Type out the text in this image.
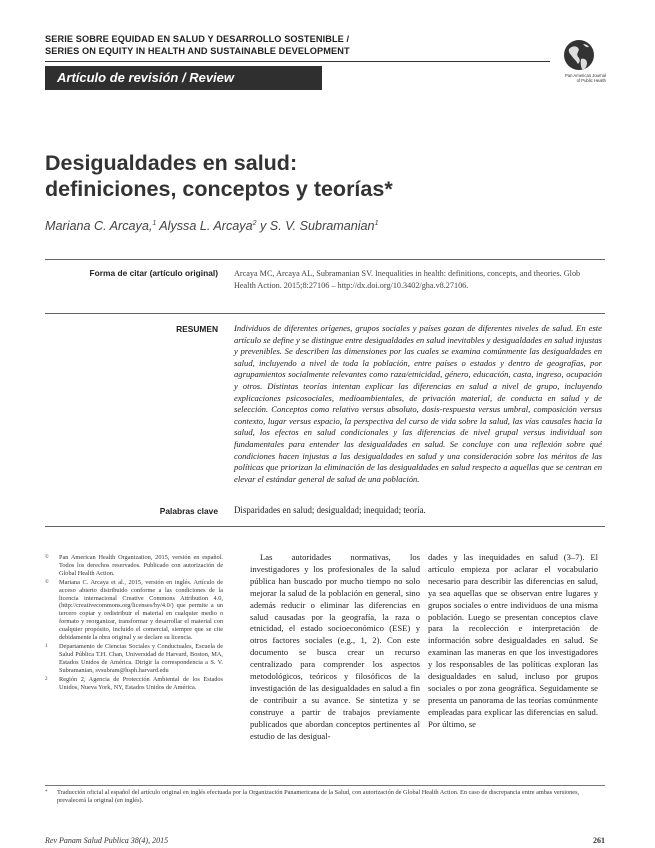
SERIE SOBRE EQUIDAD EN SALUD Y DESARROLLO SOSTENIBLE /
SERIES ON EQUITY IN HEALTH AND SUSTAINABLE DEVELOPMENT
Artículo de revisión / Review	Pan American Journal
of Public Health
Desigualdades en salud:
definiciones, conceptos y teorías*
Mariana C. Arcaya,$^1$ Alyssa L. Arcaya$^2$ y S. V. Subramanian$^1$
Forma de citar (artículo original) Arcaya MC, Arcaya AL, Subramanian SV. Inequalities in health: definitions, concepts, and theories. Glob Health Action. 2015;8:27106 – http://dx.doi.org/10.3402/gha.v8.27106.
RESUMEN Individuos de diferentes orígenes, grupos sociales y países gozan de diferentes niveles de salud. En este artículo se define y se distingue entre desigualdades en salud inevitables y desigualdades en salud injustas y prevenibles. Se describen las dimensiones por las cuales se examina comúnmente las desigualdades en salud, incluyendo a nivel de toda la población, entre países o estados y dentro de geografías, por agrupamientos socialmente relevantes como raza/etnicidad, género, educación, casta, ingreso, ocupación y otros. Distintas teorías intentan explicar las diferencias en salud a nivel de grupo, incluyendo explicaciones psicosociales, medioambientales, de privación material, de conducta en salud y de selección. Conceptos como relativo versus absoluto, dosis-respuesta versus umbral, composición versus contexto, lugar versus espacio, la perspectiva del curso de vida sobre la salud, las vías causales hacia la salud, los efectos en salud condicionales y las diferencias de nivel grupal versus individual son fundamentales para entender las desigualdades en salud. Se concluye con una reflexión sobre qué condiciones hacen injustas a las desigualdades en salud y una consideración sobre los méritos de las políticas que priorizan la eliminación de las desigualdades en salud respecto a aquellas que se centran en elevar el estándar general de salud de una población.
Palabras clave Disparidades en salud; desigualdad; inequidad; teoría.
© Pan American Health Organization, 2015, versión en español. Todos los derechos reservados. Publicado con autorización de Global Health Action.
© Mariana C. Arcaya et al., 2015, versión en inglés. Artículo de acceso abierto distribuido conforme a las condiciones de la licencia internacional Creative Commons Attribution 4.0, (http://creativecommons.org/licenses/by/4.0/) que permite a un tercero copiar y redistribuir el material en cualquier medio o formato y reorganizar, transformar y desarrollar el material con cualquier propósito, incluido el comercial, siempre que se cite debidamente la obra original y se declare su licencia.
1 Departamento de Ciencias Sociales y Conductuales, Escuela de Salud Pública T.H. Chan, Universidad de Harvard, Boston, MA, Estados Unidos de América. Dirigir la correspondencia a S. V. Subramanian, svsubram@hsph.harvard.edu
2 Región 2, Agencia de Protección Ambiental de los Estados Unidos, Nueva York, NY, Estados Unidos de América.
Las autoridades normativas, los investigadores y los profesionales de la salud pública han buscado por mucho tiempo no solo mejorar la salud de la población en general, sino además reducir o eliminar las diferencias en salud causadas por la geografía, la raza o etnicidad, el estado socioeconómico (ESE) y otros factores sociales (e.g., 1, 2). Con este documento se busca crear un recurso centralizado para comprender los aspectos metodológicos, teóricos y filosóficos de la investigación de las desigualdades en salud a fin de contribuir a su avance. Se sintetiza y se construye a partir de trabajos previamente publicados que abordan conceptos pertinentes al estudio de las desigual-
dades y las inequidades en salud (3–7). El artículo empieza por aclarar el vocabulario necesario para describir las diferencias en salud, ya sea aquellas que se observan entre lugares y grupos sociales o entre individuos de una misma población. Luego se presentan conceptos clave para la recolección e interpretación de información sobre desigualdades en salud. Se examinan las maneras en que los investigadores y los responsables de las políticas exploran las desigualdades en salud, incluso por grupos sociales o por zona geográfica. Seguidamente se presenta un panorama de las teorías comúnmente empleadas para explicar las diferencias en salud. Por último, se
* Traducción oficial al español del artículo original en inglés efectuada por la Organización Panamericana de la Salud, con autorización de Global Health Action. En caso de discrepancia entre ambas versiones, prevalecerá la original (en inglés).
Rev Panam Salud Publica 38(4), 2015	261
